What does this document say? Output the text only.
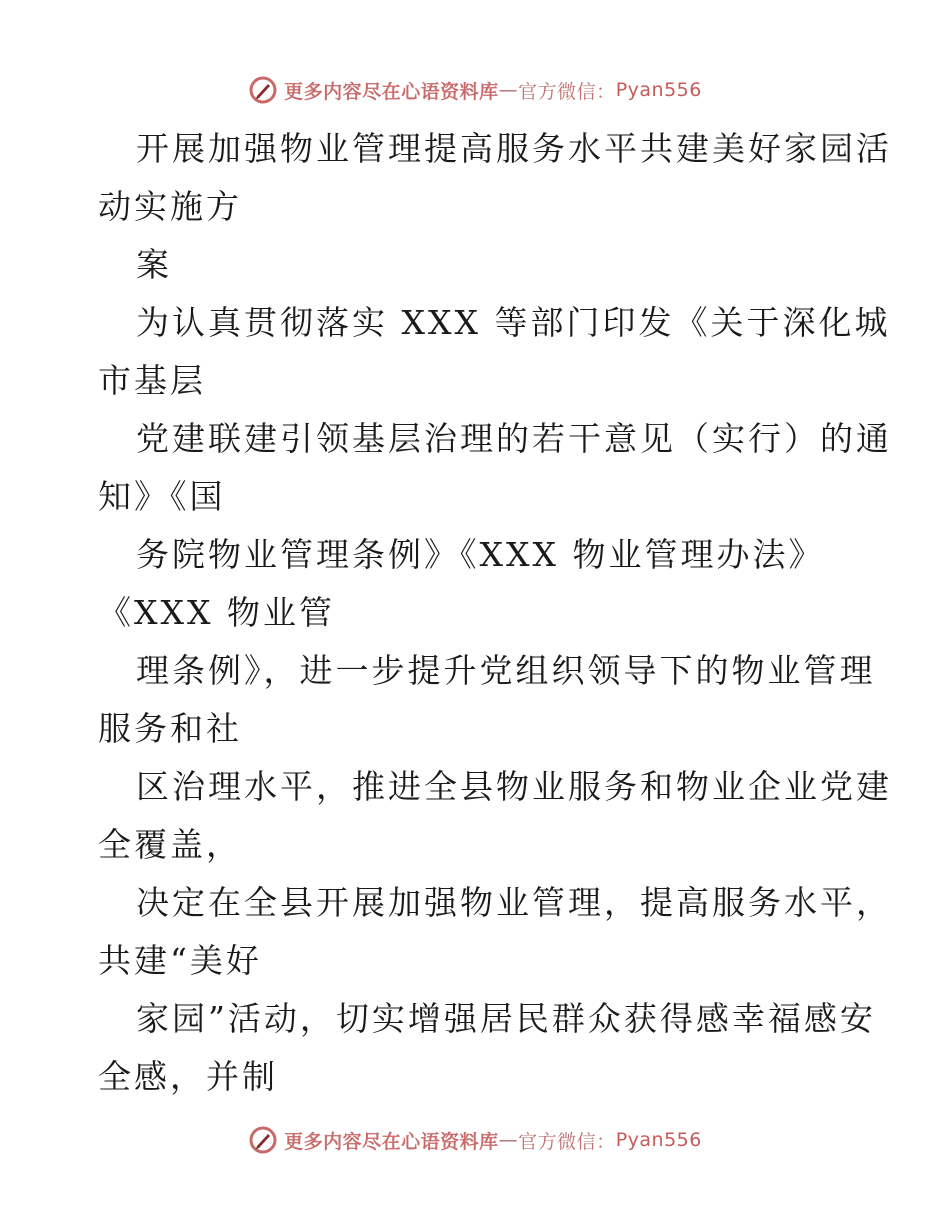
更多内容尽在心语资料库 — 官方微信： Pyan556
开展加强物业管理提高服务水平共建美好家园活
动实施方
案
为认真贯彻落实 XXX 等部门印发《关于深化城
市基层
党建联建引领基层治理的若干意见（实行）的通
知》《国
务院物业管理条例》《XXX 物业管理办法》
《XXX 物业管
理条例》，进一步提升党组织领导下的物业管理
服务和社
区治理水平，推进全县物业服务和物业企业党建
全覆盖，
决定在全县开展加强物业管理，提高服务水平，
共建“美好
家园”活动，切实增强居民群众获得感幸福感安
全感，并制
更多内容尽在心语资料库 — 官方微信： Pyan556
